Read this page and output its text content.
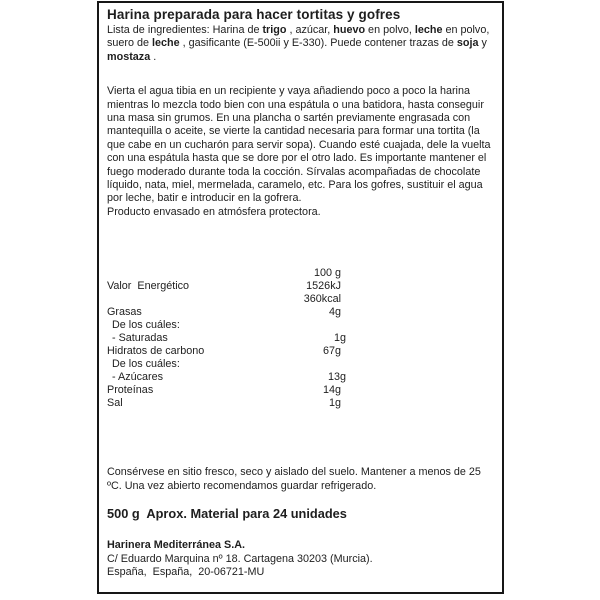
Harina preparada para hacer tortitas y gofres
Lista de ingredientes: Harina de trigo , azúcar, huevo en polvo, leche en polvo, suero de leche , gasificante (E-500ii y E-330). Puede contener trazas de soja y mostaza .
Vierta el agua tibia en un recipiente y vaya añadiendo poco a poco la harina mientras lo mezcla todo bien con una espátula o una batidora, hasta conseguir una masa sin grumos. En una plancha o sartén previamente engrasada con mantequilla o aceite, se vierte la cantidad necesaria para formar una tortita (la que cabe en un cucharón para servir sopa). Cuando esté cuajada, dele la vuelta con una espátula hasta que se dore por el otro lado. Es importante mantener el fuego moderado durante toda la cocción. Sírvalas acompañadas de chocolate líquido, nata, miel, mermelada, caramelo, etc. Para los gofres, sustituir el agua por leche, batir e introducir en la gofrera.
Producto envasado en atmósfera protectora.
100 g
Valor  Energético	1526kJ
360kcal
Grasas	4g
De los cuáles:
- Saturadas	1g
Hidratos de carbono	67g
De los cuáles:
- Azúcares	13g
Proteínas	14g
Sal	1g
Consérvese en sitio fresco, seco y aislado del suelo. Mantener a menos de 25 ºC. Una vez abierto recomendamos guardar refrigerado.
500 g  Aprox. Material para 24 unidades
Harinera Mediterránea S.A.
C/ Eduardo Marquina nº 18. Cartagena 30203 (Murcia).
España,  España,  20-06721-MU
